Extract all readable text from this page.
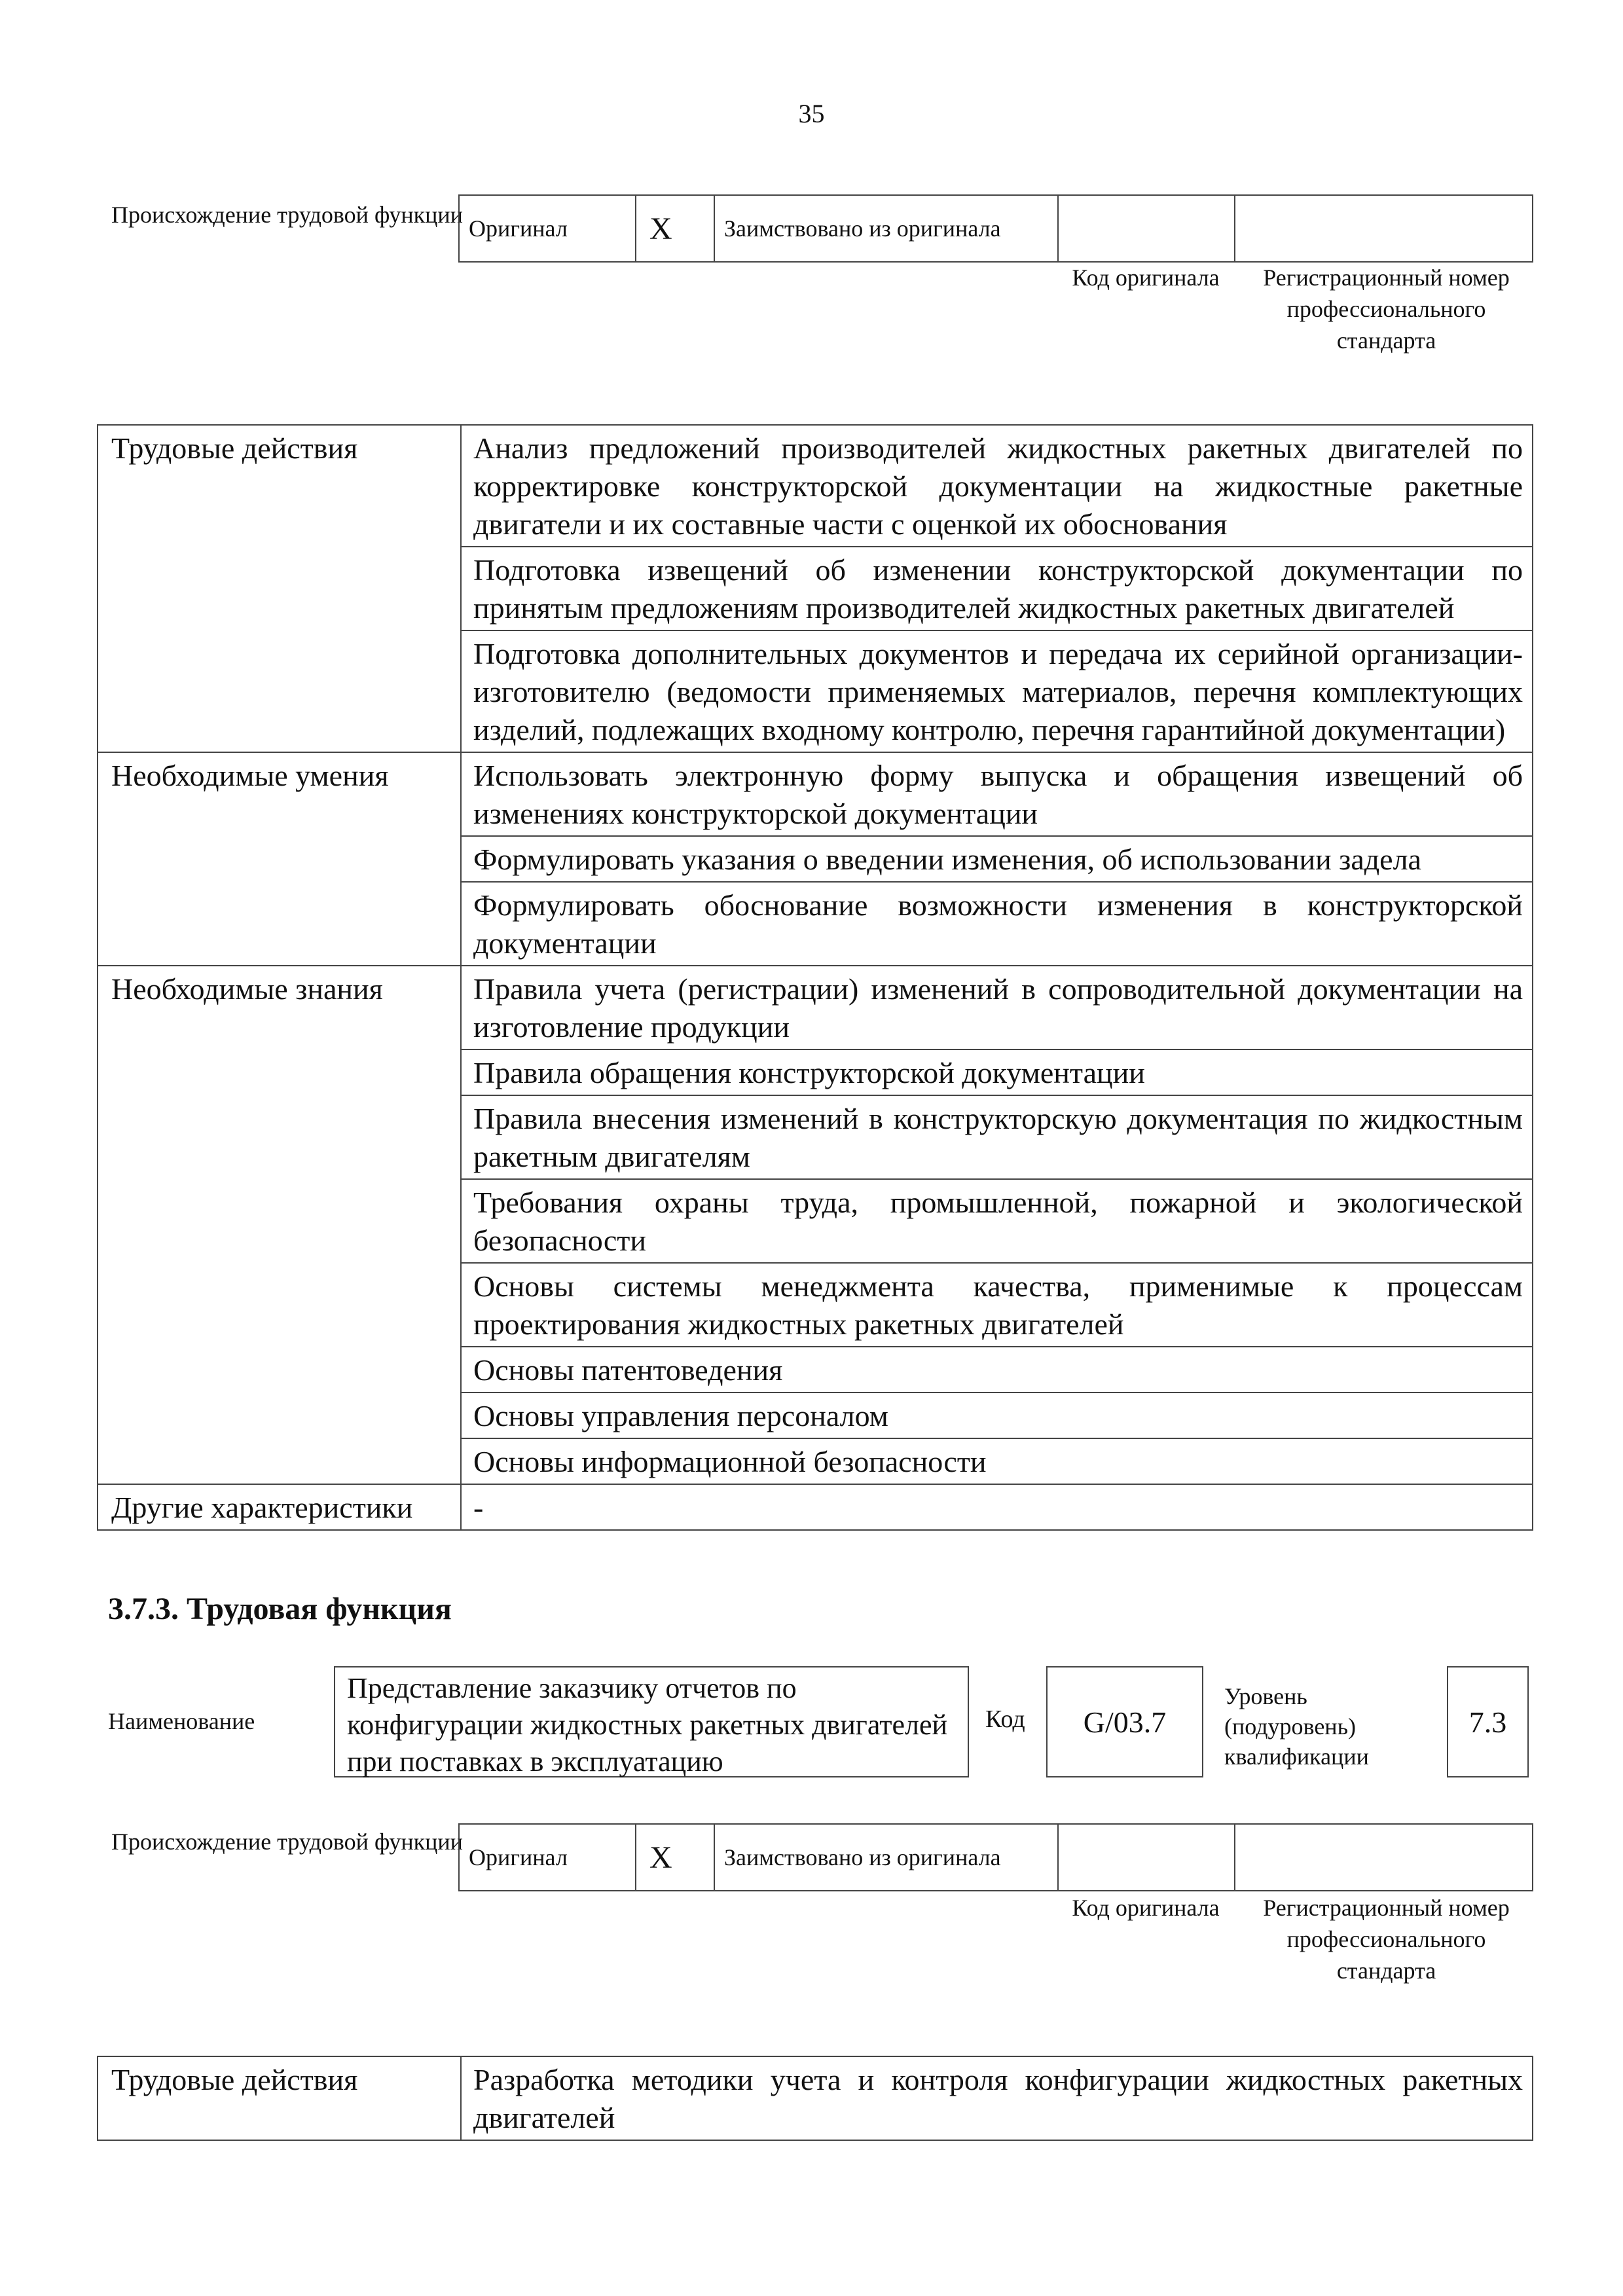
35
Происхождение трудовой функции
Оригинал	X	Заимствовано из оригинала		
Код оригинала	Регистрационный номер профессионального стандарта
Трудовые действия	Анализ предложений производителей жидкостных ракетных двигателей по корректировке конструкторской документации на жидкостные ракетные двигатели и их составные части с оценкой их обоснования
	Подготовка извещений об изменении конструкторской документации по принятым предложениям производителей жидкостных ракетных двигателей
	Подготовка дополнительных документов и передача их серийной организации-изготовителю (ведомости применяемых материалов, перечня комплектующих изделий, подлежащих входному контролю, перечня гарантийной документации)
Необходимые умения	Использовать электронную форму выпуска и обращения извещений об изменениях конструкторской документации
	Формулировать указания о введении изменения, об использовании задела
	Формулировать обоснование возможности изменения в конструкторской документации
Необходимые знания	Правила учета (регистрации) изменений в сопроводительной документации на изготовление продукции
	Правила обращения конструкторской документации
	Правила внесения изменений в конструкторскую документация по жидкостным ракетным двигателям
	Требования охраны труда, промышленной, пожарной и экологической безопасности
	Основы системы менеджмента качества, применимые к процессам проектирования жидкостных ракетных двигателей
	Основы патентоведения
	Основы управления персоналом
	Основы информационной безопасности
Другие характеристики	-
3.7.3. Трудовая функция
Наименование
Представление заказчику отчетов по конфигурации жидкостных ракетных двигателей при поставках в эксплуатацию
Код	G/03.7
Уровень (подуровень) квалификации
7.3
Происхождение трудовой функции
Оригинал	X	Заимствовано из оригинала		
Код оригинала	Регистрационный номер профессионального стандарта
Трудовые действия	Разработка методики учета и контроля конфигурации жидкостных ракетных двигателей
